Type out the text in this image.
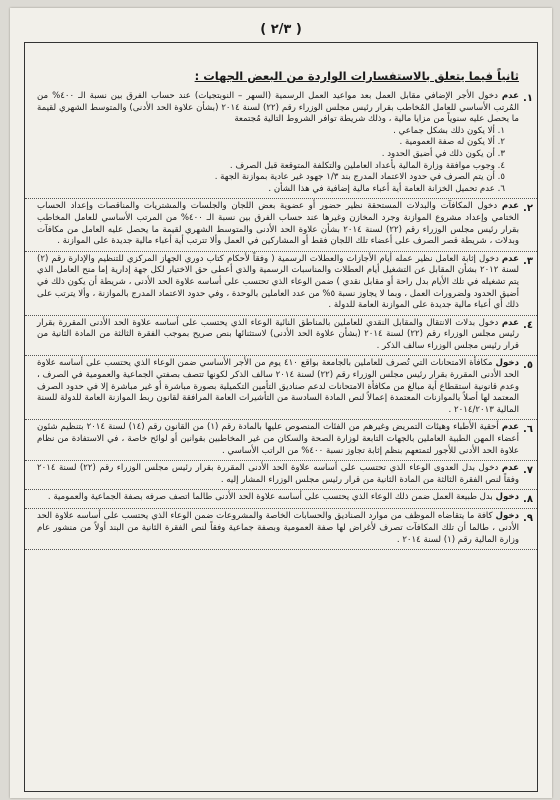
( ٢/٣ )
ثانياً فيما يتعلق بالاستفسارات الواردة من البعض الجهات :
١.
عدم دخول الأجر الإضافي مقابل العمل بعد مواعيد العمل الرسمية (السهر – النوبتجيات) عند حساب الفرق بين نسبة الـ ٤٠٠% من المُرتب الأساسي للعامل المُخاطب بقرار رئيس مجلس الوزراء رقم (٢٢) لسنة ٢٠١٤ (بشأن علاوة الحد الأدنى) والمتوسط الشهري لقيمة ما يحصل عليه سنوياً من مزايا مالية ، وذلك شريطة توافر الشروط التالية مُجتمعة
١. ألا يكون ذلك بشكل جماعي .
٢. ألا يكون له صفة العمومية .
٣. أن يكون ذلك في أضيق الحدود .
٤. وجوب موافقة وزارة المالية بأعداد العاملين والتكلفة المتوقعة قبل الصرف .
٥. أن يتم الصرف في حدود الاعتماد المدرج بند ١/٣ جهود غير عادية بموازنة الجهة .
٦. عدم تحميل الخزانة العامة أية أعباء مالية إضافية في هذا الشأن .
٢.
عدم دخول المكافآت والبدلات المستحقة نظير حضور أو عضوية بعض اللجان والجلسات والمشتريات والمناقصات وإعداد الحساب الختامي وإعداد مشروع الموازنة وجرد المخازن وغيرها عند حساب الفرق بين نسبة الـ ٤٠٠% من المرتب الأساسي للعامل المخاطب بقرار رئيس مجلس الوزراء رقم (٢٢) لسنة ٢٠١٤ بشأن علاوة الحد الأدنى والمتوسط الشهري لقيمة ما يحصل عليه العامل من مكافآت وبدلات ، شريطة قصر الصرف على أعضاء تلك اللجان فقط أو المشاركين في العمل وألا تترتب أية أعباء مالية جديدة على الموازنة .
٣.
عدم دخول إثابة العامل نظير عمله أيام الأجازات والعطلات الرسمية ( وفقاً لأحكام كتاب دوري الجهاز المركزي للتنظيم والإدارة رقم (٢) لسنة ٢٠١٢ بشأن المقابل عن التشغيل أيام العطلات والمناسبات الرسمية والذي أعطى حق الاختيار لكل جهة إدارية إما منح العامل الذي يتم تشغيله في تلك الأيام بدل راحة أو مقابل نقدي ) ضمن الوعاء الذي تحتسب على أساسه علاوة الحد الأدنى ، شريطة أن يكون ذلك في أضيق الحدود ولضرورات العمل ، وبما لا يجاوز نسبة ٥% من عدد العاملين بالوحدة ، وفي حدود الاعتماد المدرج بالموازنة ، وألا يترتب على ذلك أي أعباء مالية جديدة على الموازنة العامة للدولة .
٤.
عدم دخول بدلات الانتقال والمقابل النقدي للعاملين بالمناطق النائية الوعاء الذي يحتسب على أساسه علاوة الحد الأدنى المقررة بقرار رئيس مجلس الوزراء رقم (٢٢) لسنة ٢٠١٤ (بشأن علاوة الحد الأدنى) لاستثنائها بنص صريح بموجب الفقرة الثالثة من المادة الثانية من قرار رئيس مجلس الوزراء سالف الذكر .
٥.
دخول مكافأة الامتحانات التي تُصرف للعاملين بالجامعة بواقع ٤١٠ يوم من الأجر الأساسي ضمن الوعاء الذي يحتسب على أساسه علاوة الحد الأدنى المقررة بقرار رئيس مجلس الوزراء رقم (٢٢) لسنة ٢٠١٤ سالف الذكر لكونها تتصف بصفتي الجماعية والعمومية في الصرف ، وعدم قانونية استقطاع أية مبالغ من مكافأة الامتحانات لدعم صناديق التأمين التكميلية بصورة مباشرة أو غير مباشرة إلا في حدود الصرف المعتمد لها أصلاً بالموازنات المعتمدة إعمالاً لنص المادة السادسة من التأشيرات العامة المرافقة لقانون ربط الموازنة العامة للدولة للسنة المالية ٢٠١٤/٢٠١٣ .
٦.
عدم أحقية الأطباء وهيئات التمريض وغيرهم من الفئات المنصوص عليها بالمادة رقم (١) من القانون رقم (١٤) لسنة ٢٠١٤ بتنظيم شئون أعضاء المهن الطبية العاملين بالجهات التابعة لوزارة الصحة والسكان من غير المخاطبين بقوانين أو لوائح خاصة ، في الاستفادة من نظام علاوة الحد الأدنى للأجور لتمتعهم بنظم إثابة تجاوز نسبة ٤٠٠% من الراتب الأساسي .
٧.
عدم دخول بدل العدوى الوعاء الذي تحتسب على أساسه علاوة الحد الأدنى المقررة بقرار رئيس مجلس الوزراء رقم (٢٢) لسنة ٢٠١٤ وفقاً لنص الفقرة الثالثة من المادة الثانية من قرار رئيس مجلس الوزراء المشار إليه .
٨.
دخول بدل طبيعة العمل ضمن ذلك الوعاء الذي يحتسب على أساسه علاوة الحد الأدنى طالما اتصف صرفه بصفة الجماعية والعمومية .
٩.
دخول كافة ما يتقاضاه الموظف من موارد الصناديق والحسابات الخاصة والمشروعات ضمن الوعاء الذي يحتسب على أساسه علاوة الحد الأدنى ، طالما أن تلك المكافآت تصرف لأغراض لها صفة العمومية وبصفة جماعية وفقاً لنص الفقرة الثانية من البند أولاً من منشور عام وزارة المالية رقم (١) لسنة ٢٠١٤ .
